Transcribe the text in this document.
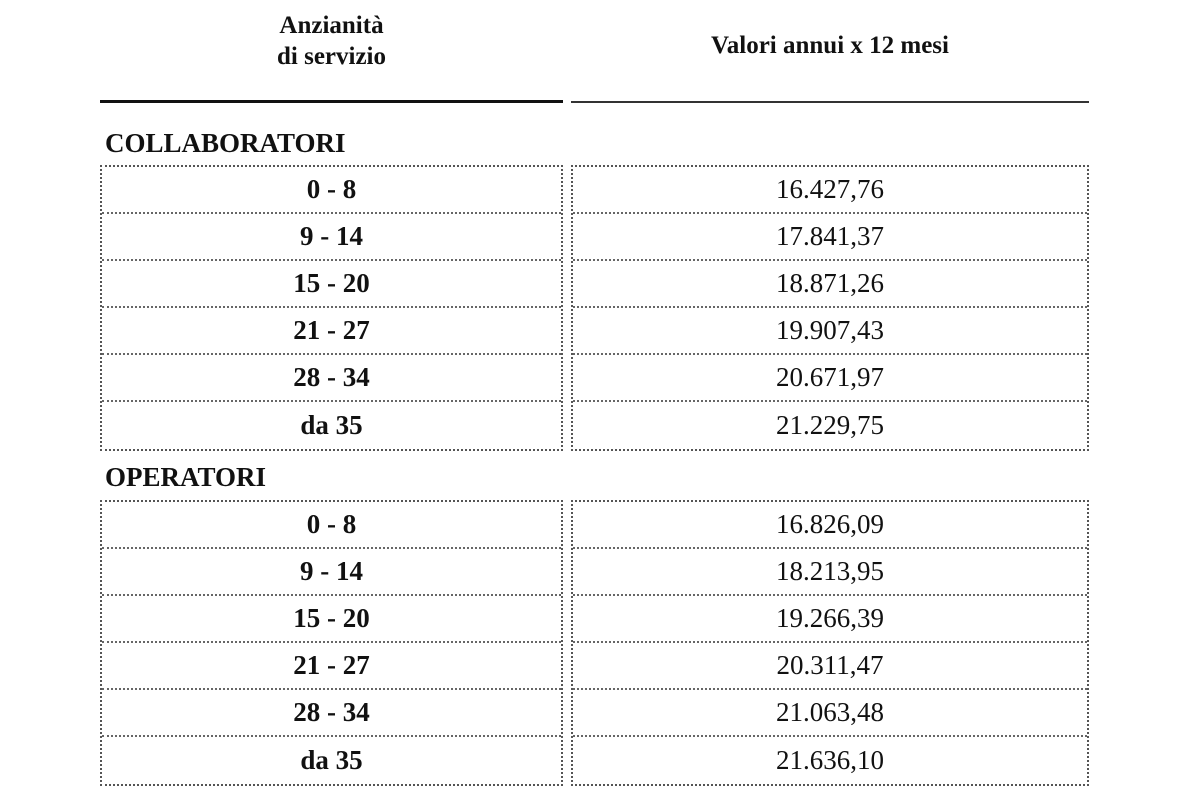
Anzianità
di servizio	Valori annui x 12 mesi
COLLABORATORI
0 - 8
9 - 14
15 - 20
21 - 27
28 - 34
da 35
16.427,76
17.841,37
18.871,26
19.907,43
20.671,97
21.229,75
OPERATORI
0 - 8
9 - 14
15 - 20
21 - 27
28 - 34
da 35
16.826,09
18.213,95
19.266,39
20.311,47
21.063,48
21.636,10
